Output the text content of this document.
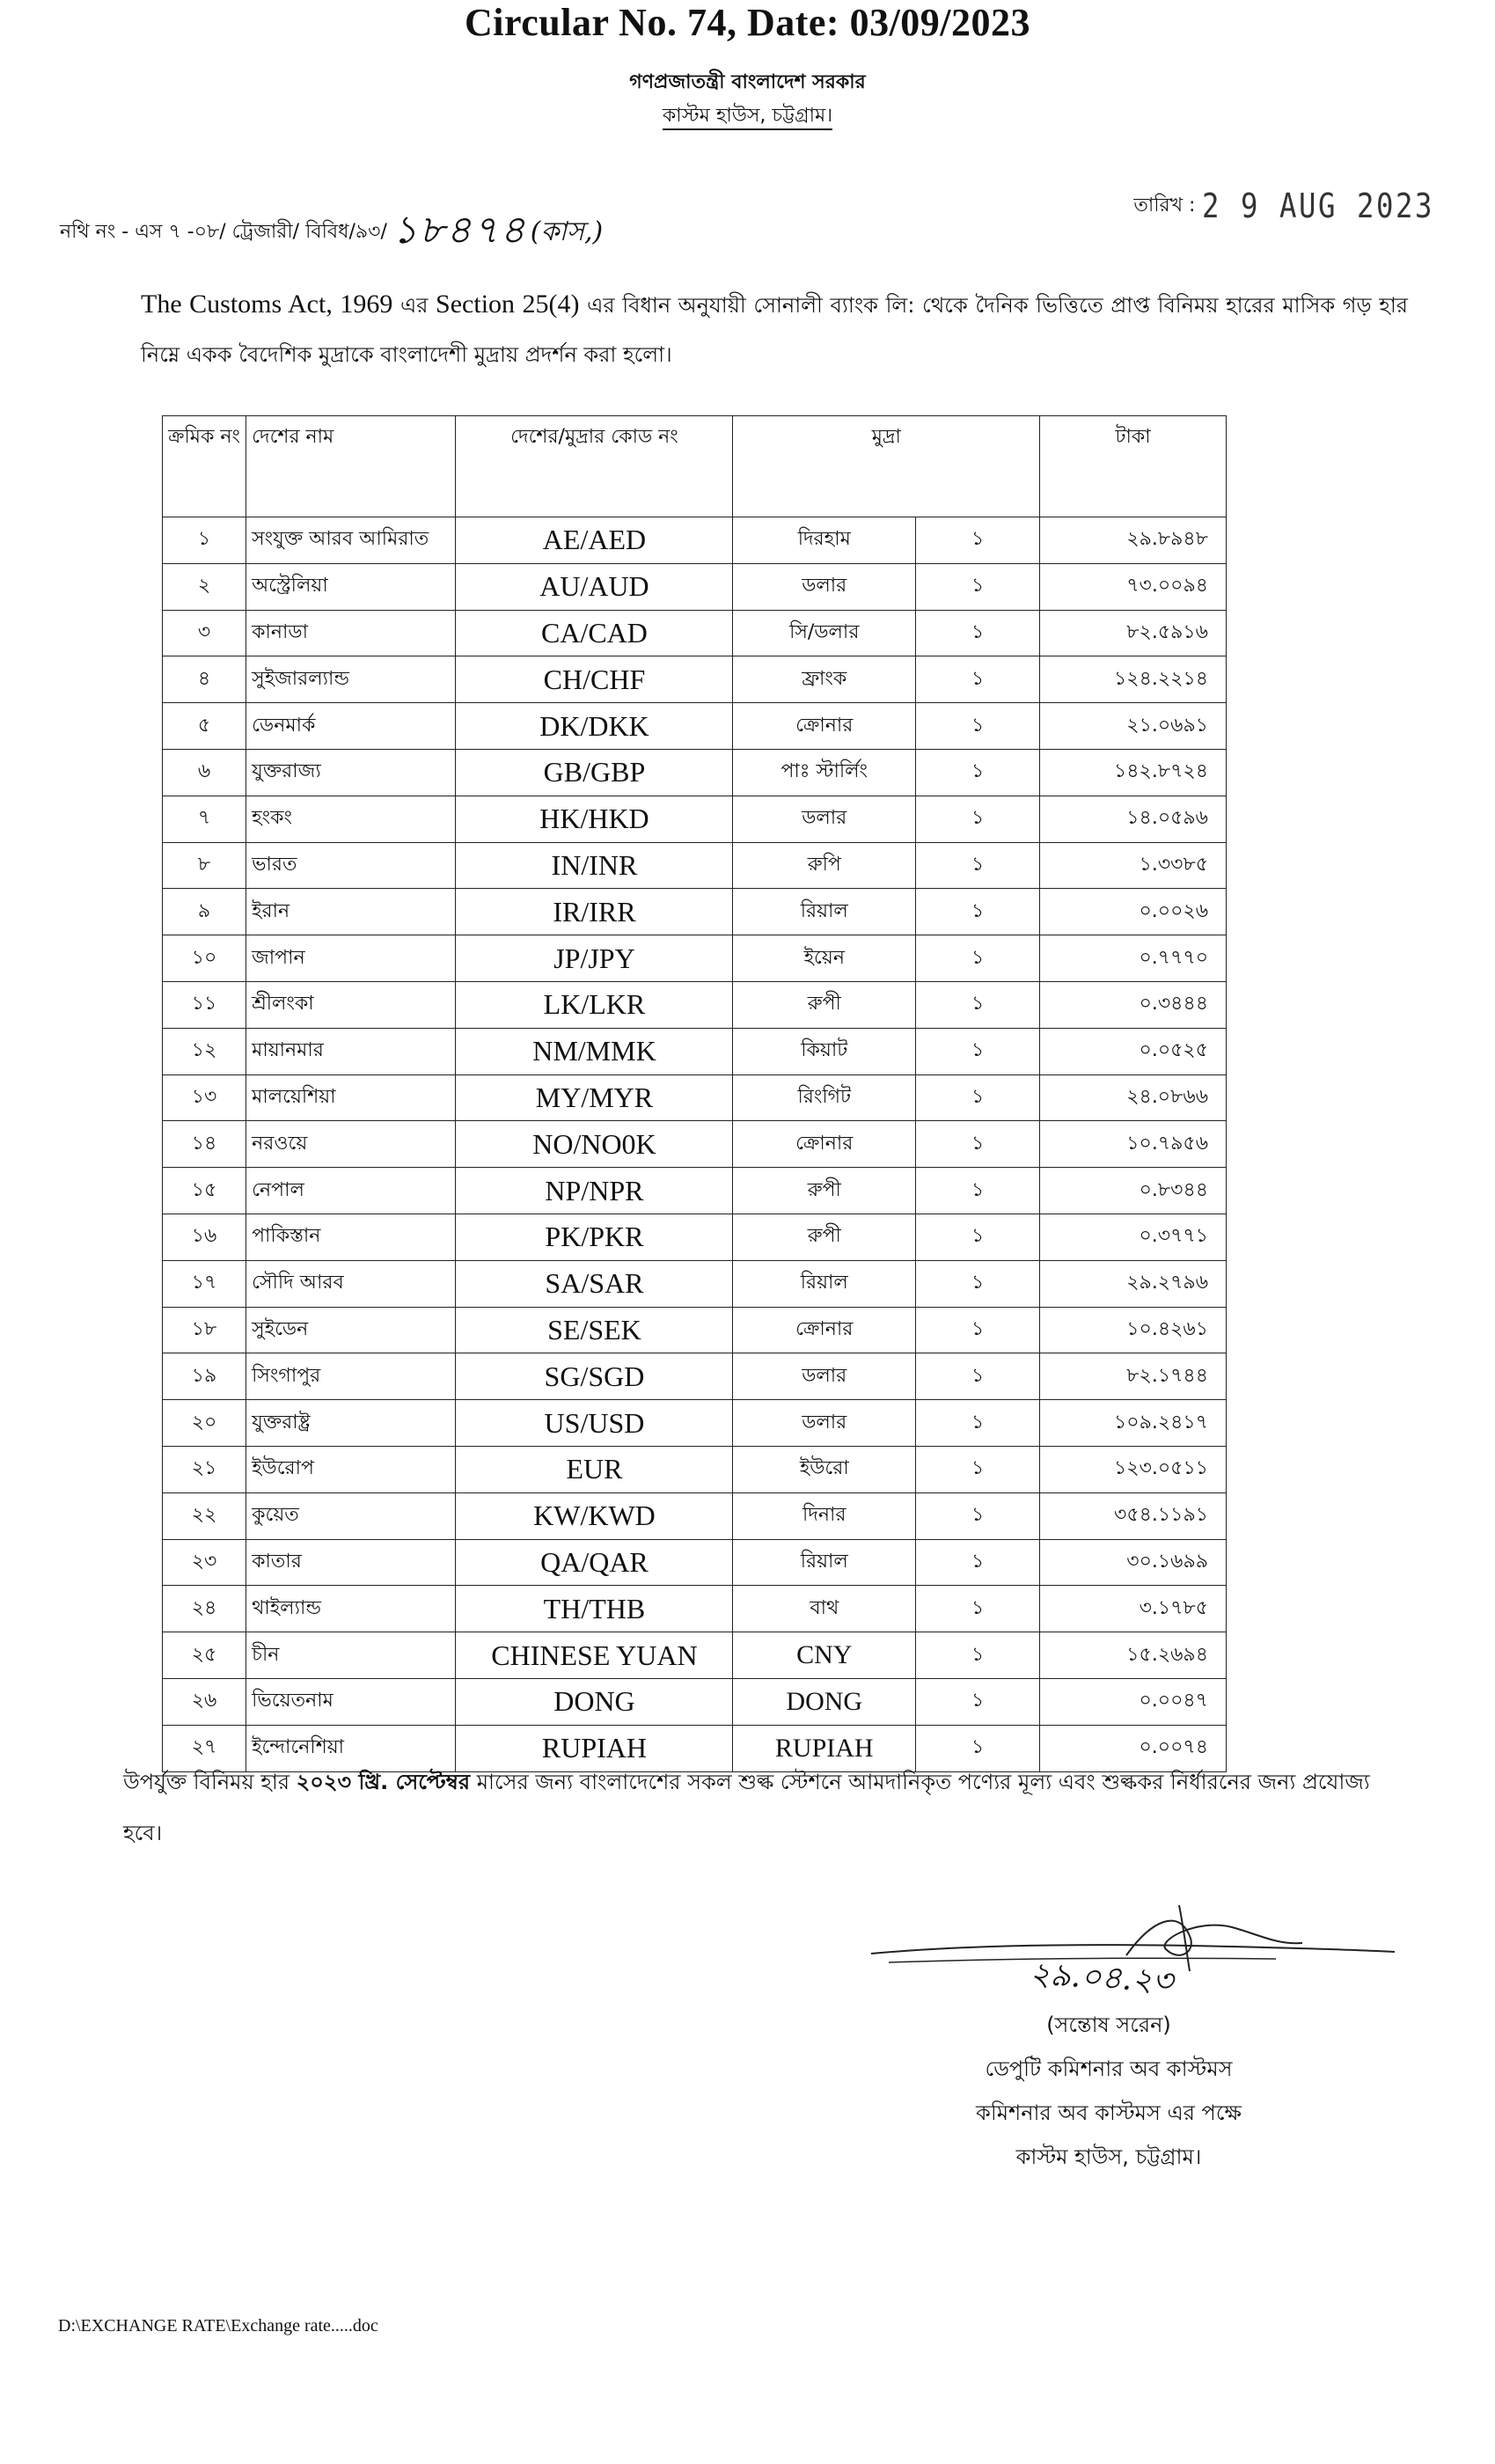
Circular No. 74, Date: 03/09/2023
গণপ্রজাতন্ত্রী বাংলাদেশ সরকার
কাস্টম হাউস, চট্টগ্রাম।
নথি নং - এস ৭ -০৮/ ট্রেজারী/ বিবিধ/৯৩/ ১৮৪৭৪ (কাস,)
তারিখ : 2 9 AUG 2023
The Customs Act, 1969 এর Section 25(4) এর বিধান অনুযায়ী সোনালী ব্যাংক লি: থেকে দৈনিক ভিত্তিতে প্রাপ্ত বিনিময় হারের মাসিক গড় হার নিম্নে একক বৈদেশিক মুদ্রাকে বাংলাদেশী মুদ্রায় প্রদর্শন করা হলো।
ক্রমিক নং	দেশের নাম	দেশের/মুদ্রার কোড নং	মুদ্রা		টাকা
১	সংযুক্ত আরব আমিরাত	AE/AED	দিরহাম	১	২৯.৮৯৪৮
২	অস্ট্রেলিয়া	AU/AUD	ডলার	১	৭৩.০০৯৪
৩	কানাডা	CA/CAD	সি/ডলার	১	৮২.৫৯১৬
৪	সুইজারল্যান্ড	CH/CHF	ফ্রাংক	১	১২৪.২২১৪
৫	ডেনমার্ক	DK/DKK	ক্রোনার	১	২১.০৬৯১
৬	যুক্তরাজ্য	GB/GBP	পাঃ স্টার্লিং	১	১৪২.৮৭২৪
৭	হংকং	HK/HKD	ডলার	১	১৪.০৫৯৬
৮	ভারত	IN/INR	রুপি	১	১.৩৩৮৫
৯	ইরান	IR/IRR	রিয়াল	১	০.০০২৬
১০	জাপান	JP/JPY	ইয়েন	১	০.৭৭৭০
১১	শ্রীলংকা	LK/LKR	রুপী	১	০.৩৪৪৪
১২	মায়ানমার	NM/MMK	কিয়াট	১	০.০৫২৫
১৩	মালয়েশিয়া	MY/MYR	রিংগিট	১	২৪.০৮৬৬
১৪	নরওয়ে	NO/NO0K	ক্রোনার	১	১০.৭৯৫৬
১৫	নেপাল	NP/NPR	রুপী	১	০.৮৩৪৪
১৬	পাকিস্তান	PK/PKR	রুপী	১	০.৩৭৭১
১৭	সৌদি আরব	SA/SAR	রিয়াল	১	২৯.২৭৯৬
১৮	সুইডেন	SE/SEK	ক্রোনার	১	১০.৪২৬১
১৯	সিংগাপুর	SG/SGD	ডলার	১	৮২.১৭৪৪
২০	যুক্তরাষ্ট্র	US/USD	ডলার	১	১০৯.২৪১৭
২১	ইউরোপ	EUR	ইউরো	১	১২৩.০৫১১
২২	কুয়েত	KW/KWD	দিনার	১	৩৫৪.১১৯১
২৩	কাতার	QA/QAR	রিয়াল	১	৩০.১৬৯৯
২৪	থাইল্যান্ড	TH/THB	বাথ	১	৩.১৭৮৫
২৫	চীন	CHINESE YUAN	CNY	১	১৫.২৬৯৪
২৬	ভিয়েতনাম	DONG	DONG	১	০.০০৪৭
২৭	ইন্দোনেশিয়া	RUPIAH	RUPIAH	১	০.০০৭৪
উপর্যুক্ত বিনিময় হার ২০২৩ খ্রি. সেপ্টেম্বর মাসের জন্য বাংলাদেশের সকল শুল্ক স্টেশনে আমদানিকৃত পণ্যের মূল্য এবং শুল্ককর নির্ধারনের জন্য প্রযোজ্য হবে।
২৯.০৪.২৩
(সন্তোষ সরেন)
ডেপুটি কমিশনার অব কাস্টমস
কমিশনার অব কাস্টমস এর পক্ষে
কাস্টম হাউস, চট্টগ্রাম।
D:\EXCHANGE RATE\Exchange rate.....doc
